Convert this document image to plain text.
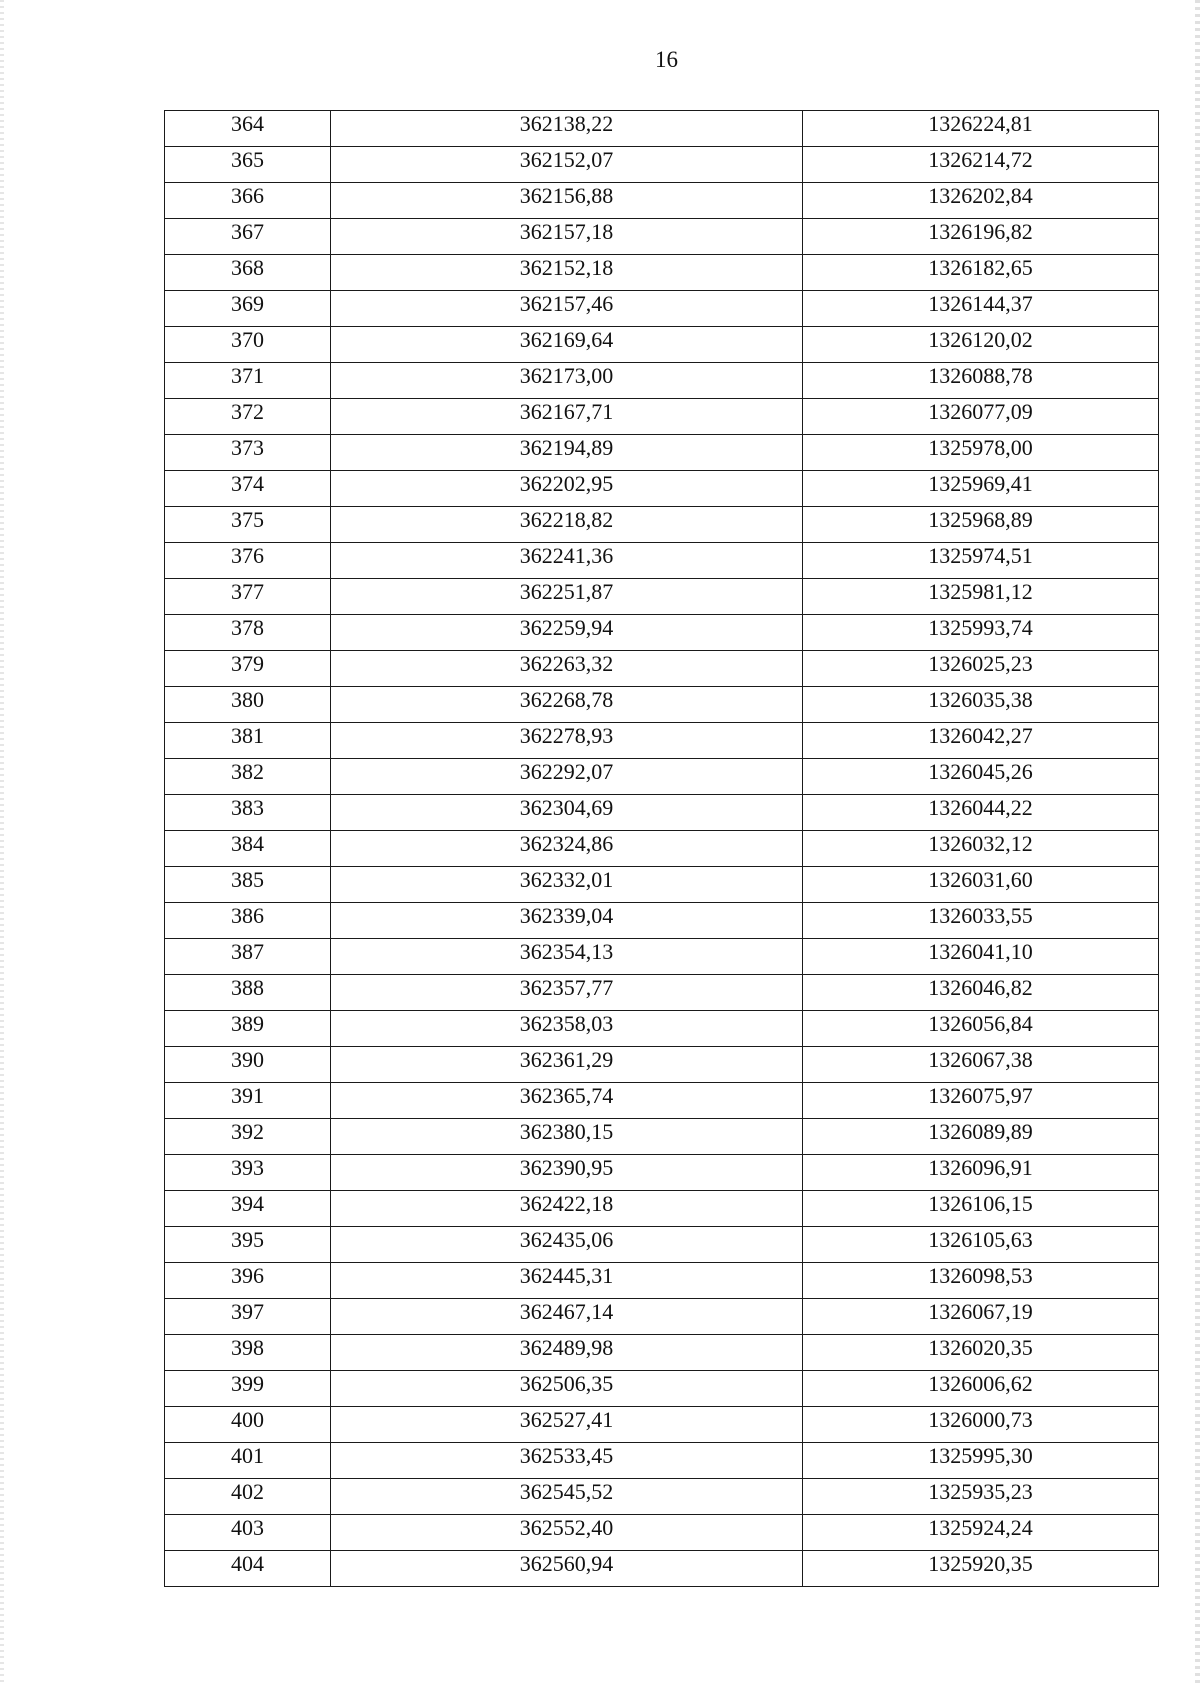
16
364	362138,22	1326224,81
365	362152,07	1326214,72
366	362156,88	1326202,84
367	362157,18	1326196,82
368	362152,18	1326182,65
369	362157,46	1326144,37
370	362169,64	1326120,02
371	362173,00	1326088,78
372	362167,71	1326077,09
373	362194,89	1325978,00
374	362202,95	1325969,41
375	362218,82	1325968,89
376	362241,36	1325974,51
377	362251,87	1325981,12
378	362259,94	1325993,74
379	362263,32	1326025,23
380	362268,78	1326035,38
381	362278,93	1326042,27
382	362292,07	1326045,26
383	362304,69	1326044,22
384	362324,86	1326032,12
385	362332,01	1326031,60
386	362339,04	1326033,55
387	362354,13	1326041,10
388	362357,77	1326046,82
389	362358,03	1326056,84
390	362361,29	1326067,38
391	362365,74	1326075,97
392	362380,15	1326089,89
393	362390,95	1326096,91
394	362422,18	1326106,15
395	362435,06	1326105,63
396	362445,31	1326098,53
397	362467,14	1326067,19
398	362489,98	1326020,35
399	362506,35	1326006,62
400	362527,41	1326000,73
401	362533,45	1325995,30
402	362545,52	1325935,23
403	362552,40	1325924,24
404	362560,94	1325920,35
